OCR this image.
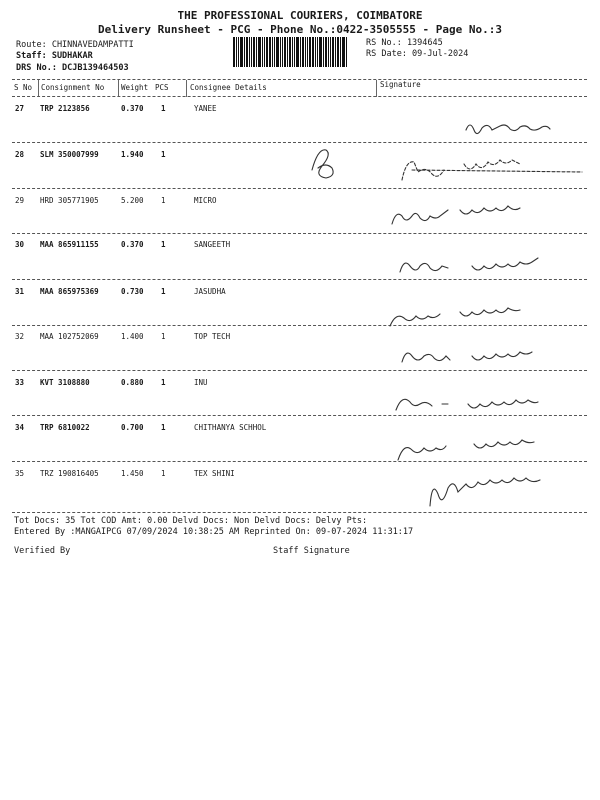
THE PROFESSIONAL COURIERS, COIMBATORE
Delivery Runsheet - PCG - Phone No.:0422-3505555 - Page No.:3
Route: CHINNAVEDAMPATTI
Staff: SUDHAKAR
DRS No.: DCJB139464503
RS No.: 1394645
RS Date: 09-Jul-2024
S No Consignment No Weight PCS	Consignee Details	Signature
27 TRP 2123856	0.370 1	YANEE
28 SLM 350007999	1.940 1
29 HRD 305771905	5.200 1	MICRO
30 MAA 865911155	0.370 1	SANGEETH
31 MAA 865975369	0.730 1	JASUDHA
32 MAA 102752069	1.400 1	TOP TECH
33 KVT 3108880	0.880 1	INU
34 TRP 6810022	0.700 1	CHITHANYA SCHHOL
35 TRZ 190816405	1.450 1	TEX SHINI
Tot Docs: 35 Tot COD Amt: 0.00 Delvd Docs: Non Delvd Docs: Delvy Pts:
Entered By :MANGAIPCG 07/09/2024 10:38:25 AM Reprinted On: 09-07-2024 11:31:17
Verified By	Staff Signature
